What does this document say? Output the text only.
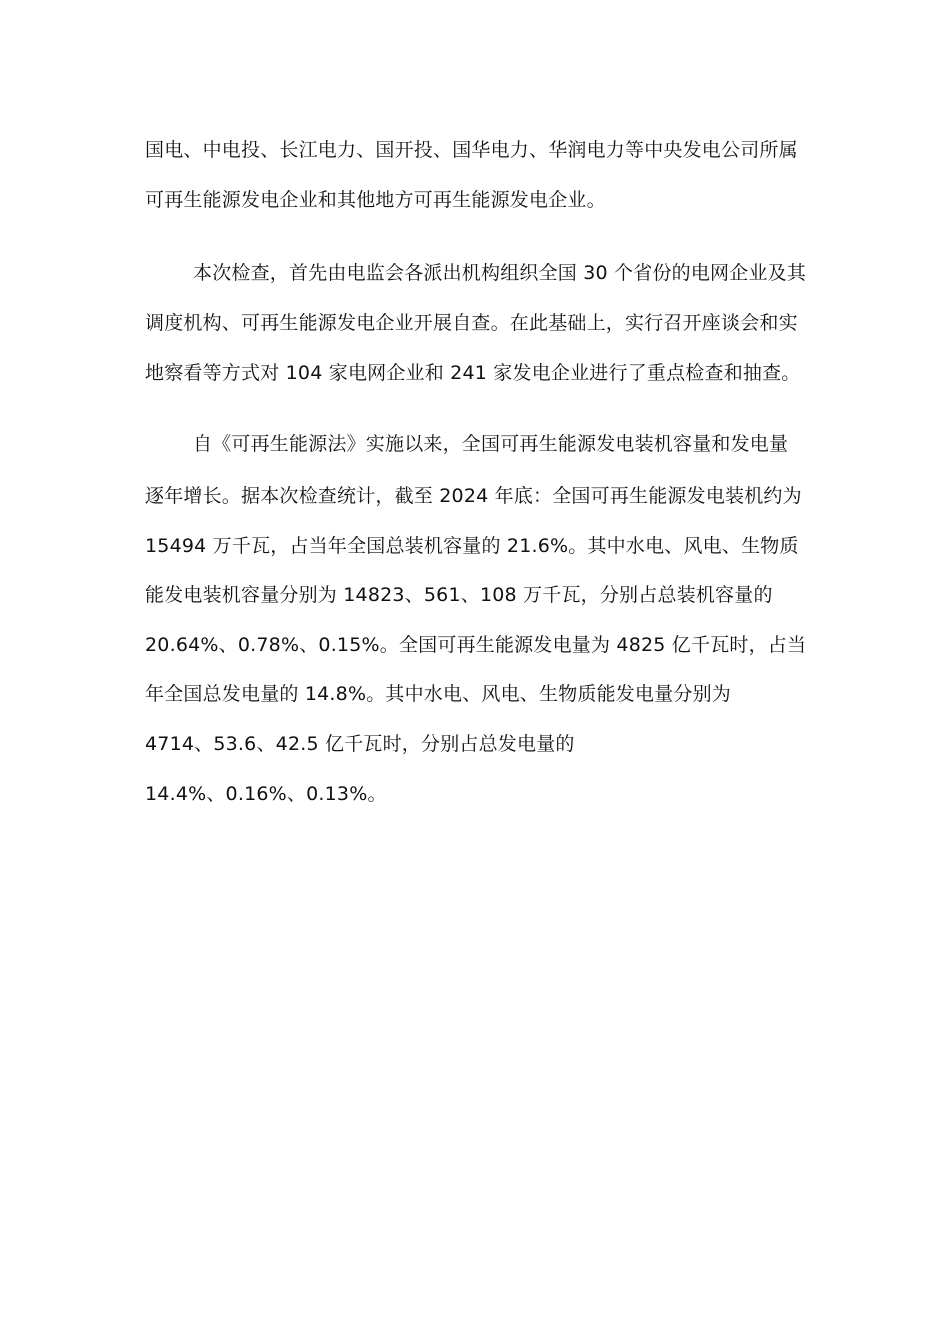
国电、中电投、长江电力、国开投、国华电力、华润电力等中央发电公司所属
可再生能源发电企业和其他地方可再生能源发电企业。
本次检查，首先由电监会各派出机构组织全国 30 个省份的电网企业及其
调度机构、可再生能源发电企业开展自查。在此基础上，实行召开座谈会和实
地察看等方式对 104 家电网企业和 241 家发电企业进行了重点检查和抽查。
自《可再生能源法》实施以来，全国可再生能源发电装机容量和发电量
逐年增长。据本次检查统计，截至 2024 年底：全国可再生能源发电装机约为
15494 万千瓦，占当年全国总装机容量的 21.6%。其中水电、风电、生物质
能发电装机容量分别为 14823、561、108 万千瓦，分别占总装机容量的
20.64%、0.78%、0.15%。全国可再生能源发电量为 4825 亿千瓦时，占当
年全国总发电量的 14.8%。其中水电、风电、生物质能发电量分别为
4714、53.6、42.5 亿千瓦时，分别占总发电量的
14.4%、0.16%、0.13%。
